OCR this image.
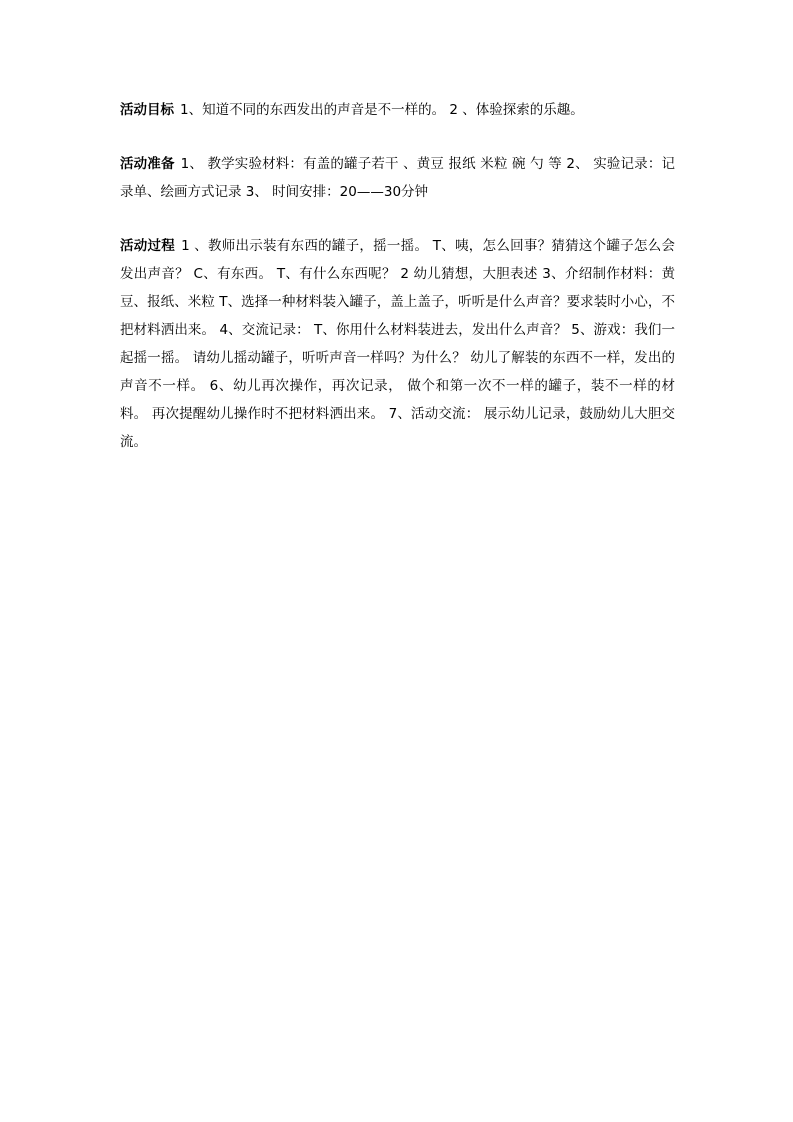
活动目标 1、知道不同的东西发出的声音是不一样的。 2 、体验探索的乐趣。

活动准备 1、 教学实验材料：有盖的罐子若干 、黄豆 报纸 米粒 碗 勺 等 2、 实验记录：记录单、绘画方式记录 3、 时间安排：20——30分钟

活动过程 1 、教师出示装有东西的罐子，摇一摇。 T、咦，怎么回事？猜猜这个罐子怎么会发出声音？ C、有东西。 T、有什么东西呢？ 2 幼儿猜想，大胆表述 3、介绍制作材料：黄豆、报纸、米粒 T、选择一种材料装入罐子，盖上盖子，听听是什么声音？要求装时小心，不把材料洒出来。 4、交流记录： T、你用什么材料装进去，发出什么声音？ 5、游戏：我们一起摇一摇。 请幼儿摇动罐子，听听声音一样吗？为什么？ 幼儿了解装的东西不一样，发出的声音不一样。 6、幼儿再次操作，再次记录， 做个和第一次不一样的罐子，装不一样的材料。 再次提醒幼儿操作时不把材料洒出来。 7、活动交流： 展示幼儿记录，鼓励幼儿大胆交流。
